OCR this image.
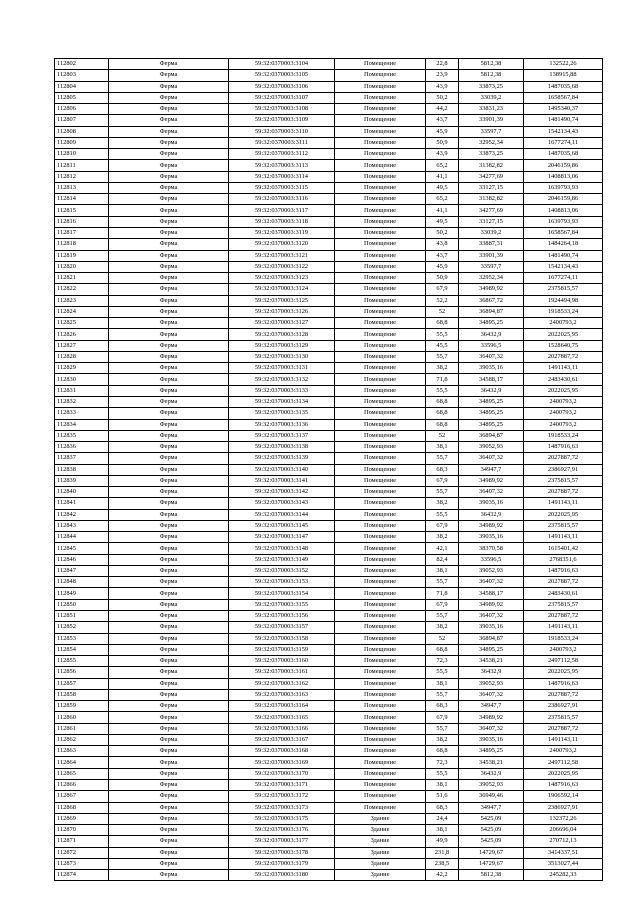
112802	Ферма	59:32:0370003:3104	Помещение	22,8	5812,38	132522,26
112803	Ферма	59:32:0370003:3105	Помещение	23,9	5812,38	138915,88
112804	Ферма	59:32:0370003:3106	Помещение	43,9	33873,25	1487035,68
112805	Ферма	59:32:0370003:3107	Помещение	50,2	33039,2	1658567,84
112806	Ферма	59:32:0370003:3108	Помещение	44,2	33831,23	1495340,37
112807	Ферма	59:32:0370003:3109	Помещение	43,7	33901,39	1481490,74
112808	Ферма	59:32:0370003:3110	Помещение	45,9	33597,7	1542134,43
112809	Ферма	59:32:0370003:3111	Помещение	50,9	32952,34	1677274,11
112810	Ферма	59:32:0370003:3112	Помещение	43,9	33873,25	1487035,68
112811	Ферма	59:32:0370003:3113	Помещение	65,2	31382,82	2046159,86
112812	Ферма	59:32:0370003:3114	Помещение	41,1	34277,69	1408813,06
112813	Ферма	59:32:0370003:3115	Помещение	49,5	33127,15	1639793,93
112814	Ферма	59:32:0370003:3116	Помещение	65,2	31382,82	2046159,86
112815	Ферма	59:32:0370003:3117	Помещение	41,1	34277,69	1408813,06
112816	Ферма	59:32:0370003:3118	Помещение	49,5	33127,15	1639793,93
112817	Ферма	59:32:0370003:3119	Помещение	50,2	33039,2	1658567,84
112818	Ферма	59:32:0370003:3120	Помещение	43,8	33887,31	1484264,18
112819	Ферма	59:32:0370003:3121	Помещение	43,7	33901,39	1481490,74
112820	Ферма	59:32:0370003:3122	Помещение	45,9	33597,7	1542134,43
112821	Ферма	59:32:0370003:3123	Помещение	50,9	32952,34	1677274,11
112822	Ферма	59:32:0370003:3124	Помещение	67,9	34989,92	2375815,57
112823	Ферма	59:32:0370003:3125	Помещение	52,2	36867,72	1924494,98
112824	Ферма	59:32:0370003:3126	Помещение	52	36894,87	1918533,24
112825	Ферма	59:32:0370003:3127	Помещение	68,8	34895,25	2400793,2
112826	Ферма	59:32:0370003:3128	Помещение	55,5	36432,9	2022025,95
112827	Ферма	59:32:0370003:3129	Помещение	45,5	33596,5	1528640,75
112828	Ферма	59:32:0370003:3130	Помещение	55,7	36407,32	2027887,72
112829	Ферма	59:32:0370003:3131	Помещение	38,2	39035,16	1491143,11
112830	Ферма	59:32:0370003:3132	Помещение	71,8	34588,17	2483430,61
112831	Ферма	59:32:0370003:3133	Помещение	55,5	36432,9	2022025,95
112832	Ферма	59:32:0370003:3134	Помещение	68,8	34895,25	2400793,2
112833	Ферма	59:32:0370003:3135	Помещение	68,8	34895,25	2400793,2
112834	Ферма	59:32:0370003:3136	Помещение	68,8	34895,25	2400793,2
112835	Ферма	59:32:0370003:3137	Помещение	52	36894,87	1918533,24
112836	Ферма	59:32:0370003:3138	Помещение	38,1	39052,93	1487916,63
112837	Ферма	59:32:0370003:3139	Помещение	55,7	36407,32	2027887,72
112838	Ферма	59:32:0370003:3140	Помещение	68,3	34947,7	2386927,91
112839	Ферма	59:32:0370003:3141	Помещение	67,9	34989,92	2375815,57
112840	Ферма	59:32:0370003:3142	Помещение	55,7	36407,32	2027887,72
112841	Ферма	59:32:0370003:3143	Помещение	38,2	39035,16	1491143,11
112842	Ферма	59:32:0370003:3144	Помещение	55,5	36432,9	2022025,95
112843	Ферма	59:32:0370003:3145	Помещение	67,9	34989,92	2375815,57
112844	Ферма	59:32:0370003:3147	Помещение	38,2	39035,16	1491143,11
112845	Ферма	59:32:0370003:3148	Помещение	42,1	38370,58	1615401,42
112846	Ферма	59:32:0370003:3149	Помещение	82,4	33596,5	2768351,6
112847	Ферма	59:32:0370003:3152	Помещение	38,1	39052,93	1487916,63
112848	Ферма	59:32:0370003:3153	Помещение	55,7	36407,32	2027887,72
112849	Ферма	59:32:0370003:3154	Помещение	71,8	34588,17	2483430,61
112850	Ферма	59:32:0370003:3155	Помещение	67,9	34989,92	2375815,57
112851	Ферма	59:32:0370003:3156	Помещение	55,7	36407,32	2027887,72
112852	Ферма	59:32:0370003:3157	Помещение	38,2	39035,16	1491143,11
112853	Ферма	59:32:0370003:3158	Помещение	52	36894,87	1918533,24
112854	Ферма	59:32:0370003:3159	Помещение	68,8	34895,25	2400793,2
112855	Ферма	59:32:0370003:3160	Помещение	72,3	34538,21	2497112,58
112856	Ферма	59:32:0370003:3161	Помещение	55,5	36432,9	2022025,95
112857	Ферма	59:32:0370003:3162	Помещение	38,1	39052,93	1487916,63
112858	Ферма	59:32:0370003:3163	Помещение	55,7	36407,32	2027887,72
112859	Ферма	59:32:0370003:3164	Помещение	68,3	34947,7	2386927,91
112860	Ферма	59:32:0370003:3165	Помещение	67,9	34989,92	2375815,57
112861	Ферма	59:32:0370003:3166	Помещение	55,7	36407,32	2027887,72
112862	Ферма	59:32:0370003:3167	Помещение	38,2	39035,16	1491143,11
112863	Ферма	59:32:0370003:3168	Помещение	68,8	34895,25	2400793,2
112864	Ферма	59:32:0370003:3169	Помещение	72,3	34538,21	2497112,58
112865	Ферма	59:32:0370003:3170	Помещение	55,5	36432,9	2022025,95
112866	Ферма	59:32:0370003:3171	Помещение	38,1	39052,93	1487916,63
112867	Ферма	59:32:0370003:3172	Помещение	51,6	36949,46	1906592,14
112868	Ферма	59:32:0370003:3173	Помещение	68,3	34947,7	2386927,91
112869	Ферма	59:32:0370003:3175	Здание	24,4	5425,09	132372,26
112870	Ферма	59:32:0370003:3176	Здание	38,1	5425,09	206696,04
112871	Ферма	59:32:0370003:3177	Здание	49,9	5425,09	270712,13
112872	Ферма	59:32:0370003:3178	Здание	231,8	14729,67	3414337,51
112873	Ферма	59:32:0370003:3179	Здание	238,5	14729,67	3513027,44
112874	Ферма	59:32:0370003:3180	Здание	42,2	5812,38	245282,33
